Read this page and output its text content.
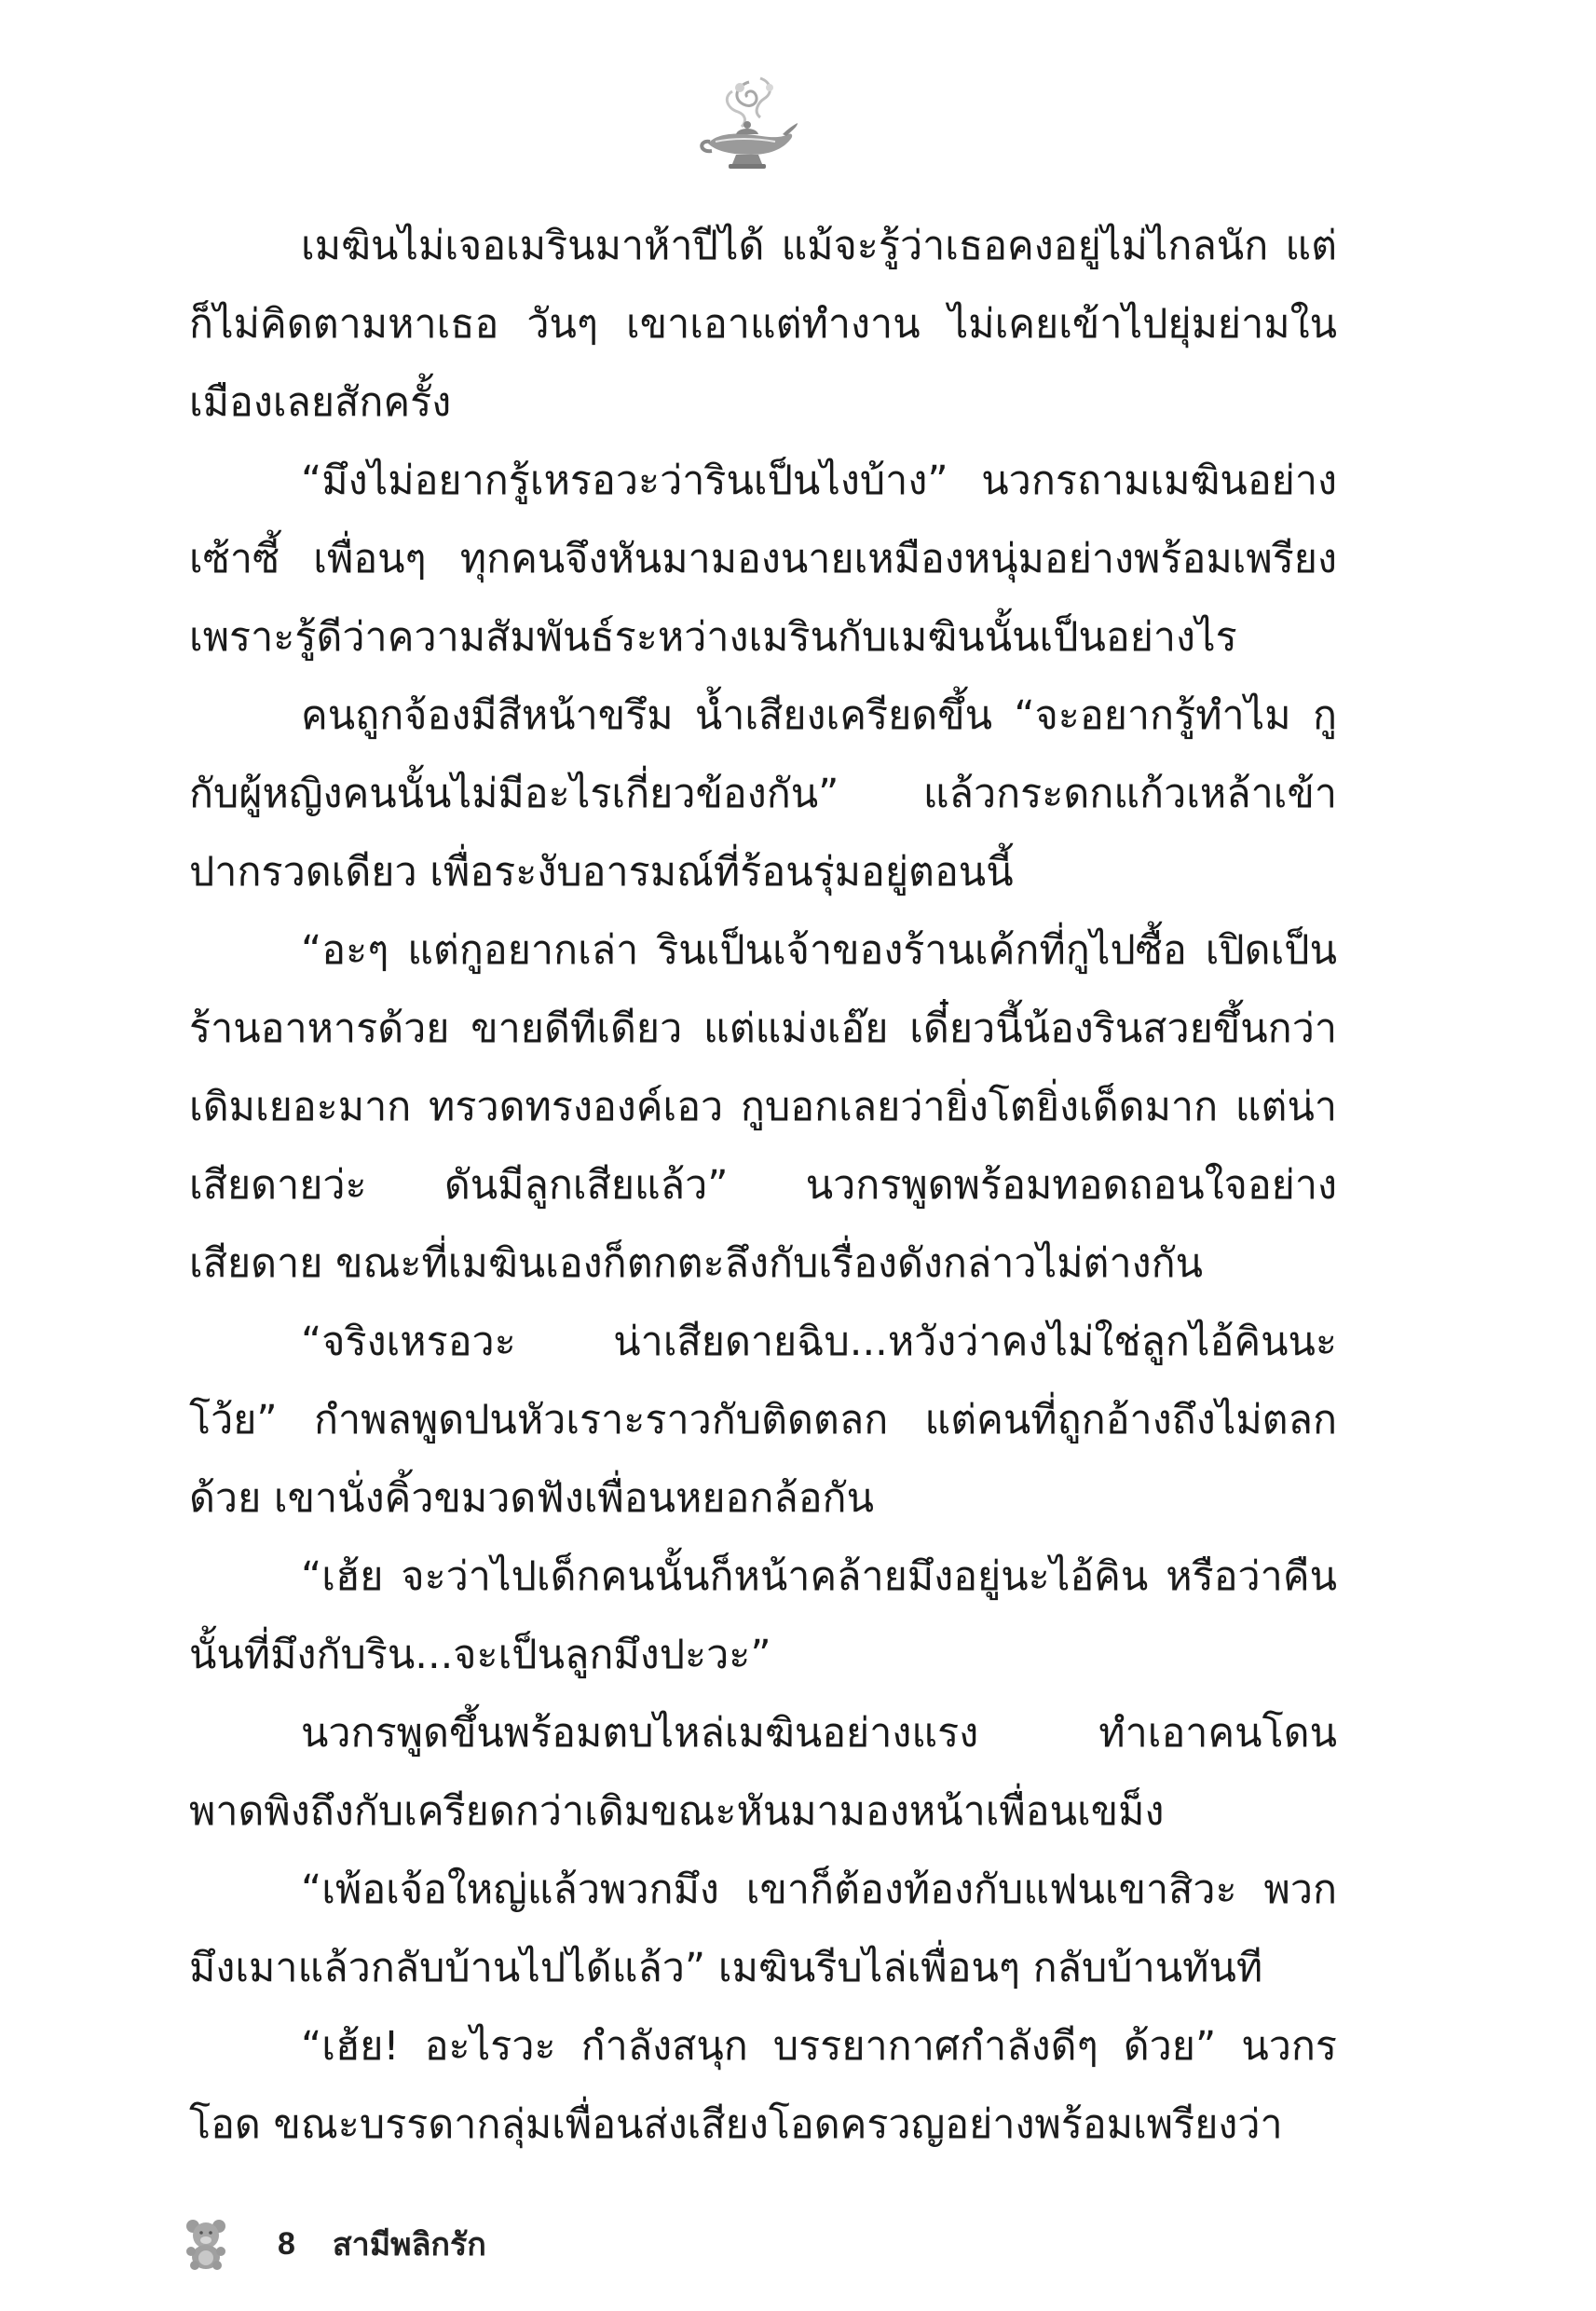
เมฆินไม่เจอเมรินมาห้าปีได้ แม้จะรู้ว่าเธอคงอยู่ไม่ไกลนัก แต่ก็ไม่คิดตามหาเธอ วันๆ เขาเอาแต่ทำงาน ไม่เคยเข้าไปยุ่มย่ามในเมืองเลยสักครั้ง

“มึงไม่อยากรู้เหรอวะว่ารินเป็นไงบ้าง” นวกรถามเมฆินอย่างเซ้าซี้ เพื่อนๆ ทุกคนจึงหันมามองนายเหมืองหนุ่มอย่างพร้อมเพรียง เพราะรู้ดีว่าความสัมพันธ์ระหว่างเมรินกับเมฆินนั้นเป็นอย่างไร

คนถูกจ้องมีสีหน้าขรึม น้ำเสียงเครียดขึ้น “จะอยากรู้ทำไม กูกับผู้หญิงคนนั้นไม่มีอะไรเกี่ยวข้องกัน” แล้วกระดกแก้วเหล้าเข้าปากรวดเดียว เพื่อระงับอารมณ์ที่ร้อนรุ่มอยู่ตอนนี้

“อะๆ แต่กูอยากเล่า รินเป็นเจ้าของร้านเค้กที่กูไปซื้อ เปิดเป็นร้านอาหารด้วย ขายดีทีเดียว แต่แม่งเอ๊ย เดี๋ยวนี้น้องรินสวยขึ้นกว่าเดิมเยอะมาก ทรวดทรงองค์เอว กูบอกเลยว่ายิ่งโตยิ่งเด็ดมาก แต่น่าเสียดายว่ะ ดันมีลูกเสียแล้ว” นวกรพูดพร้อมทอดถอนใจอย่างเสียดาย ขณะที่เมฆินเองก็ตกตะลึงกับเรื่องดังกล่าวไม่ต่างกัน

“จริงเหรอวะ น่าเสียดายฉิบ...หวังว่าคงไม่ใช่ลูกไอ้คินนะโว้ย” กำพลพูดปนหัวเราะราวกับติดตลก แต่คนที่ถูกอ้างถึงไม่ตลกด้วย เขานั่งคิ้วขมวดฟังเพื่อนหยอกล้อกัน

“เฮ้ย จะว่าไปเด็กคนนั้นก็หน้าคล้ายมึงอยู่นะไอ้คิน หรือว่าคืนนั้นที่มึงกับริน...จะเป็นลูกมึงปะวะ”

นวกรพูดขึ้นพร้อมตบไหล่เมฆินอย่างแรง ทำเอาคนโดนพาดพิงถึงกับเครียดกว่าเดิมขณะหันมามองหน้าเพื่อนเขม็ง

“เพ้อเจ้อใหญ่แล้วพวกมึง เขาก็ต้องท้องกับแฟนเขาสิวะ พวกมึงเมาแล้วกลับบ้านไปได้แล้ว” เมฆินรีบไล่เพื่อนๆ กลับบ้านทันที

“เฮ้ย! อะไรวะ กำลังสนุก บรรยากาศกำลังดีๆ ด้วย” นวกรโอด ขณะบรรดากลุ่มเพื่อนส่งเสียงโอดครวญอย่างพร้อมเพรียงว่า

8 สามีพลิกรัก
